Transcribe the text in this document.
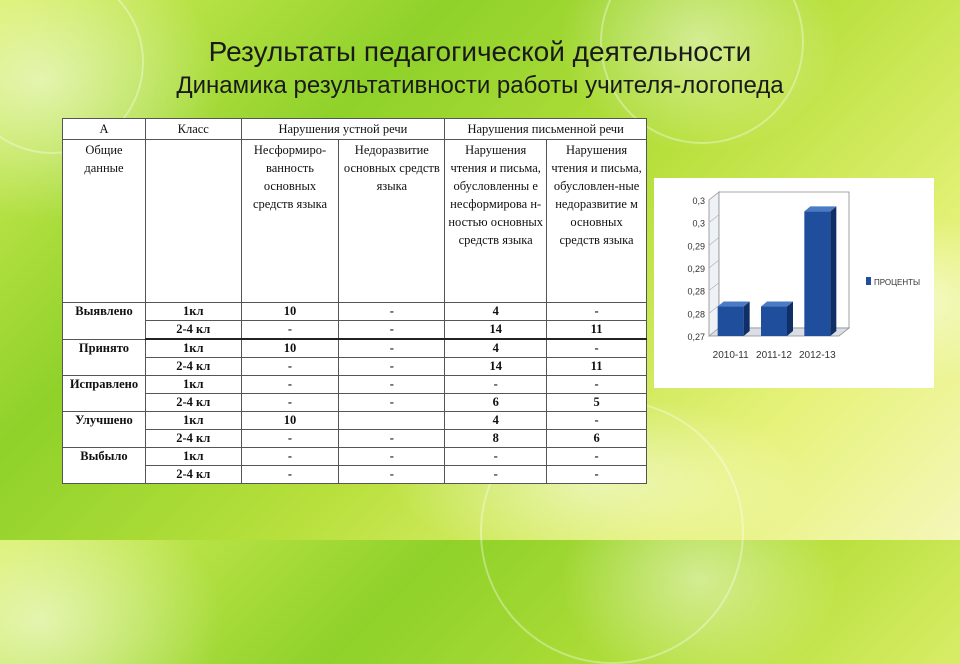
Результаты педагогической деятельности
Динамика результативности работы учителя-логопеда
А	Класс	Нарушения устной речи		Нарушения письменной речи	
Общие данные		Несформиро-ванность основных средств языка	Недоразвитие основных средств языка	Нарушения чтения и письма, обусловленны е несформирова н-ностью основных средств языка	Нарушения чтения и письма, обусловлен-ные недоразвитие м основных средств языка
Выявлено	1кл	10	-	4	-
	2-4 кл	-	-	14	11
Принято	1кл	10	-	4	-
	2-4 кл	-	-	14	11
Исправлено	1кл	-	-	-	-
	2-4 кл	-	-	6	5
Улучшено	1кл	10		4	-
	2-4 кл	-	-	8	6
Выбыло	1кл	-	-	-	-
	2-4 кл	-	-	-	-
0,3
0,3
0,29
0,29
0,28
0,28
0,27
2010-11 2011-12 2012-13
ПРОЦЕНТЫ
